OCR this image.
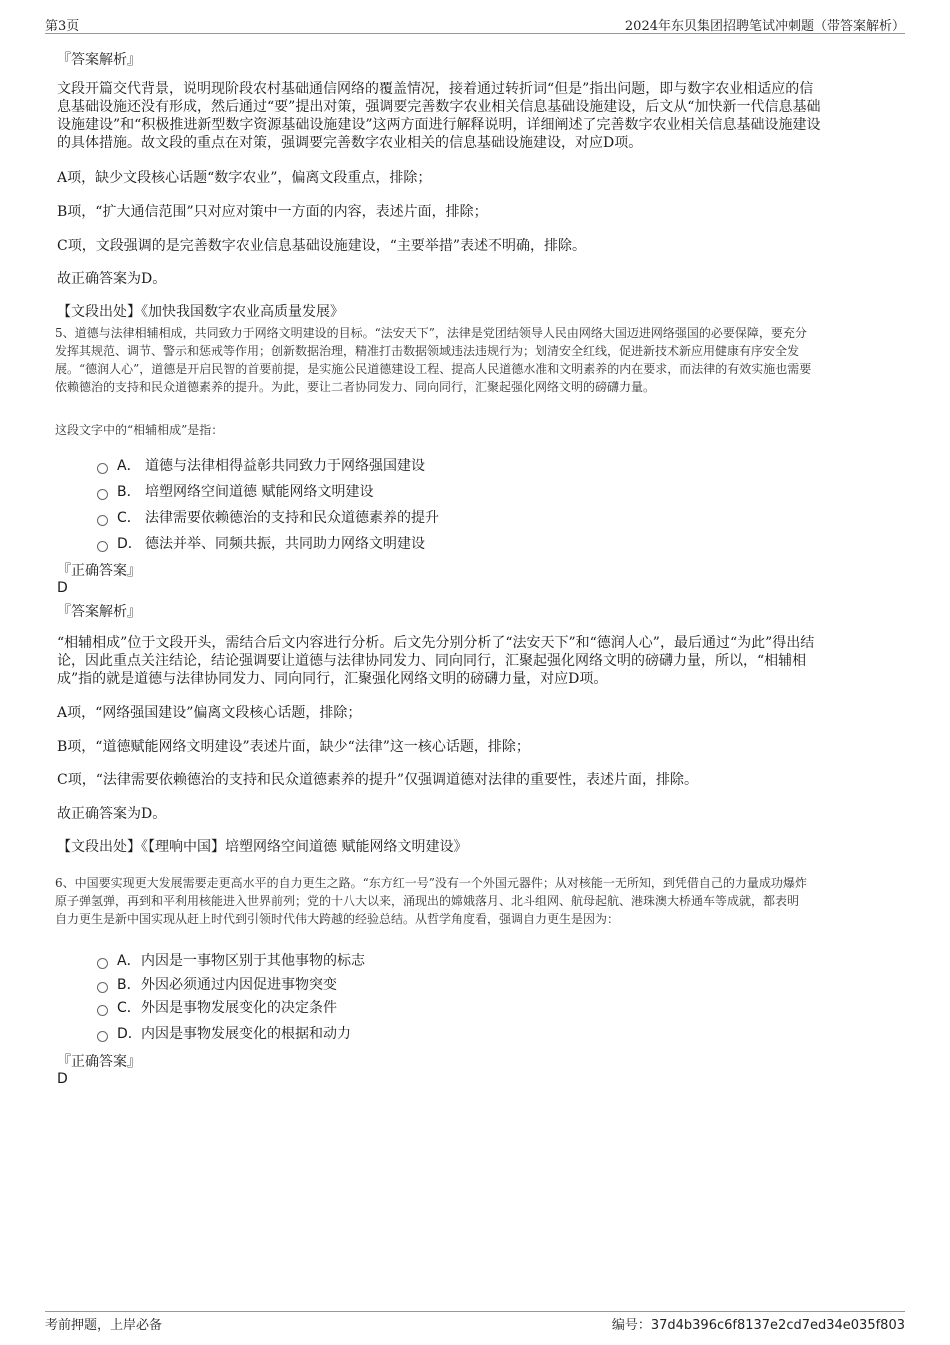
第3页	2024年东贝集团招聘笔试冲刺题（带答案解析）
『答案解析』
文段开篇交代背景，说明现阶段农村基础通信网络的覆盖情况，接着通过转折词“但是”指出问题，即与数字农业相适应的信
息基础设施还没有形成，然后通过“要”提出对策，强调要完善数字农业相关信息基础设施建设，后文从“加快新一代信息基础
设施建设”和“积极推进新型数字资源基础设施建设”这两方面进行解释说明，详细阐述了完善数字农业相关信息基础设施建设
的具体措施。故文段的重点在对策，强调要完善数字农业相关的信息基础设施建设，对应D项。
A项，缺少文段核心话题“数字农业”，偏离文段重点，排除；
B项，“扩大通信范围”只对应对策中一方面的内容，表述片面，排除；
C项，文段强调的是完善数字农业信息基础设施建设，“主要举措”表述不明确，排除。
故正确答案为D。
【文段出处】《加快我国数字农业高质量发展》
5、道德与法律相辅相成，共同致力于网络文明建设的目标。“法安天下”，法律是党团结领导人民由网络大国迈进网络强国的必要保障，要充分
发挥其规范、调节、警示和惩戒等作用；创新数据治理，精准打击数据领域违法违规行为；划清安全红线，促进新技术新应用健康有序安全发
展。“德润人心”，道德是开启民智的首要前提，是实施公民道德建设工程、提高人民道德水准和文明素养的内在要求，而法律的有效实施也需要
依赖德治的支持和民众道德素养的提升。为此，要让二者协同发力、同向同行，汇聚起强化网络文明的磅礴力量。
这段文字中的“相辅相成”是指：
A． 道德与法律相得益彰共同致力于网络强国建设
B． 培塑网络空间道德 赋能网络文明建设
C． 法律需要依赖德治的支持和民众道德素养的提升
D． 德法并举、同频共振，共同助力网络文明建设
『正确答案』
D
『答案解析』
“相辅相成”位于文段开头，需结合后文内容进行分析。后文先分别分析了“法安天下”和“德润人心”，最后通过“为此”得出结
论，因此重点关注结论，结论强调要让道德与法律协同发力、同向同行，汇聚起强化网络文明的磅礴力量，所以，“相辅相
成”指的就是道德与法律协同发力、同向同行，汇聚强化网络文明的磅礴力量，对应D项。
A项，“网络强国建设”偏离文段核心话题，排除；
B项，“道德赋能网络文明建设”表述片面，缺少“法律”这一核心话题，排除；
C项，“法律需要依赖德治的支持和民众道德素养的提升”仅强调道德对法律的重要性，表述片面，排除。
故正确答案为D。
【文段出处】《【理响中国】培塑网络空间道德 赋能网络文明建设》
6、中国要实现更大发展需要走更高水平的自力更生之路。“东方红一号”没有一个外国元器件；从对核能一无所知，到凭借自己的力量成功爆炸
原子弹氢弹，再到和平利用核能进入世界前列；党的十八大以来，涌现出的嫦娥落月、北斗组网、航母起航、港珠澳大桥通车等成就，都表明
自力更生是新中国实现从赶上时代到引领时代伟大跨越的经验总结。从哲学角度看，强调自力更生是因为：
A． 内因是一事物区别于其他事物的标志
B． 外因必须通过内因促进事物突变
C． 外因是事物发展变化的决定条件
D． 内因是事物发展变化的根据和动力
『正确答案』
D
考前押题，上岸必备	编号：37d4b396c6f8137e2cd7ed34e035f803
